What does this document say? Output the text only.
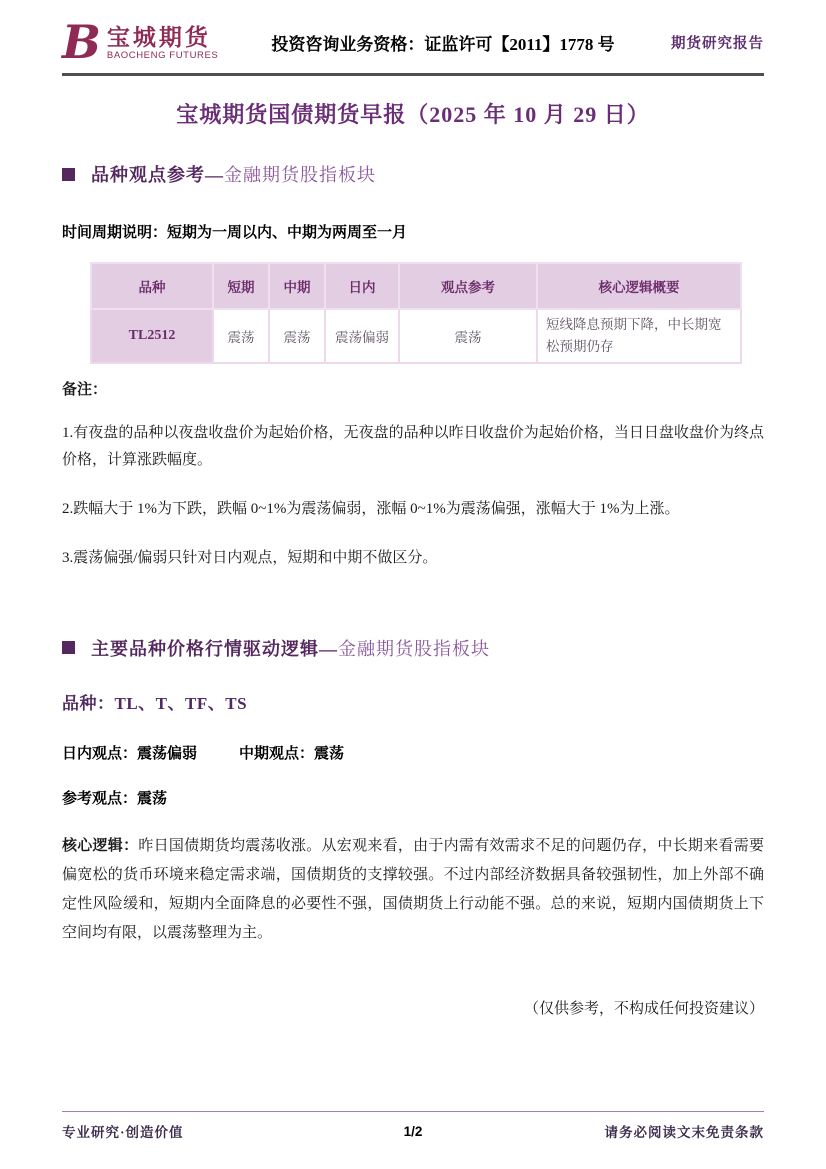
B 宝城期货
BAOCHENG FUTURES
投资咨询业务资格：证监许可【2011】1778 号	期货研究报告
宝城期货国债期货早报（2025 年 10 月 29 日）
品种观点参考— 金融期货股指板块
时间周期说明：短期为一周以内、中期为两周至一月
品种	短期	中期	日内	观点参考	核心逻辑概要
TL2512	震荡	震荡	震荡偏弱	震荡	短线降息预期下降，中长期宽松预期仍存
备注：
1.有夜盘的品种以夜盘收盘价为起始价格，无夜盘的品种以昨日收盘价为起始价格，当日日盘收盘价为终点价格，计算涨跌幅度。
2.跌幅大于 1%为下跌，跌幅 0~1%为震荡偏弱，涨幅 0~1%为震荡偏强，涨幅大于 1%为上涨。
3.震荡偏强/偏弱只针对日内观点，短期和中期不做区分。
主要品种价格行情驱动逻辑— 金融期货股指板块
品种：TL、T、TF、TS
日内观点：震荡偏弱	中期观点：震荡
参考观点：震荡
核心逻辑：昨日国债期货均震荡收涨。从宏观来看，由于内需有效需求不足的问题仍存，中长期来看需要偏宽松的货币环境来稳定需求端，国债期货的支撑较强。不过内部经济数据具备较强韧性，加上外部不确定性风险缓和，短期内全面降息的必要性不强，国债期货上行动能不强。总的来说，短期内国债期货上下空间均有限，以震荡整理为主。
（仅供参考，不构成任何投资建议）
专业研究·创造价值	1/2	请务必阅读文末免责条款
